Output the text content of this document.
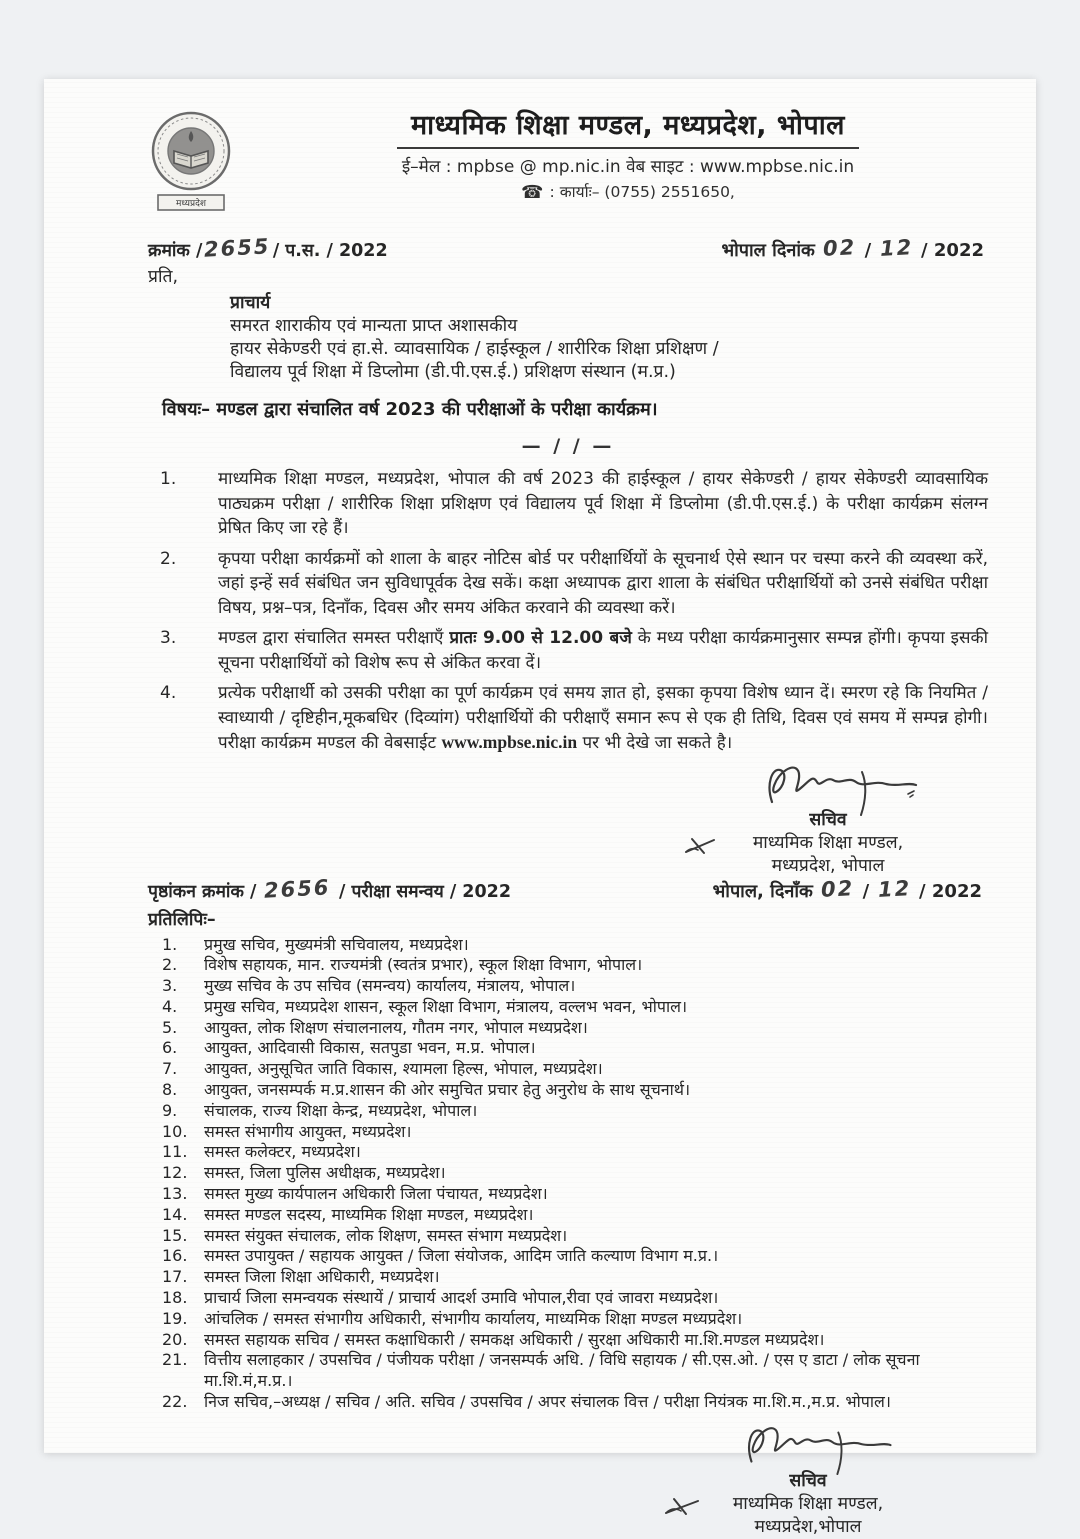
मध्यप्रदेश
माध्यमिक शिक्षा मण्डल, मध्यप्रदेश, भोपाल
ई–मेल : mpbse @ mp.nic.in वेब साइट : www.mpbse.nic.in
☎ : कार्याः– (0755) 2551650,
क्रमांक /2655/ प.स. / 2022	भोपाल दिनांक 02 / 12 / 2022
प्रति,
प्राचार्य
समरत शाराकीय एवं मान्यता प्राप्त अशासकीय
हायर सेकेण्डरी एवं हा.से. व्यावसायिक / हाईस्कूल / शारीरिक शिक्षा प्रशिक्षण /
विद्यालय पूर्व शिक्षा में डिप्लोमा (डी.पी.एस.ई.) प्रशिक्षण संस्थान (म.प्र.)
विषयः– मण्डल द्वारा संचालित वर्ष 2023 की परीक्षाओं के परीक्षा कार्यक्रम।
— / / —
1.	माध्यमिक शिक्षा मण्डल, मध्यप्रदेश, भोपाल की वर्ष 2023 की हाईस्कूल / हायर सेकेण्डरी / हायर सेकेण्डरी व्यावसायिक पाठ्यक्रम परीक्षा / शारीरिक शिक्षा प्रशिक्षण एवं विद्यालय पूर्व शिक्षा में डिप्लोमा (डी.पी.एस.ई.) के परीक्षा कार्यक्रम संलग्न प्रेषित किए जा रहे हैं।
2.	कृपया परीक्षा कार्यक्रमों को शाला के बाहर नोटिस बोर्ड पर परीक्षार्थियों के सूचनार्थ ऐसे स्थान पर चस्पा करने की व्यवस्था करें, जहां इन्हें सर्व संबंधित जन सुविधापूर्वक देख सकें। कक्षा अध्यापक द्वारा शाला के संबंधित परीक्षार्थियों को उनसे संबंधित परीक्षा विषय, प्रश्न–पत्र, दिनाँक, दिवस और समय अंकित करवाने की व्यवस्था करें।
3.	मण्डल द्वारा संचालित समस्त परीक्षाएँ प्रातः 9.00 से 12.00 बजे के मध्य परीक्षा कार्यक्रमानुसार सम्पन्न होंगी। कृपया इसकी सूचना परीक्षार्थियों को विशेष रूप से अंकित करवा दें।
4.	प्रत्येक परीक्षार्थी को उसकी परीक्षा का पूर्ण कार्यक्रम एवं समय ज्ञात हो, इसका कृपया विशेष ध्यान दें। स्मरण रहे कि नियमित / स्वाध्यायी / दृष्टिहीन,मूकबधिर (दिव्यांग) परीक्षार्थियों की परीक्षाएँ समान रूप से एक ही तिथि, दिवस एवं समय में सम्पन्न होगी। परीक्षा कार्यक्रम मण्डल की वेबसाईट www.mpbse.nic.in पर भी देखे जा सकते है।
सचिव
माध्यमिक शिक्षा मण्डल,
मध्यप्रदेश, भोपाल
पृष्ठांकन क्रमांक / 2656 / परीक्षा समन्वय / 2022	भोपाल, दिनाँक 02 / 12 / 2022
प्रतिलिपिः–
1.	प्रमुख सचिव, मुख्यमंत्री सचिवालय, मध्यप्रदेश।
2.	विशेष सहायक, मान. राज्यमंत्री (स्वतंत्र प्रभार), स्कूल शिक्षा विभाग, भोपाल।
3.	मुख्य सचिव के उप सचिव (समन्वय) कार्यालय, मंत्रालय, भोपाल।
4.	प्रमुख सचिव, मध्यप्रदेश शासन, स्कूल शिक्षा विभाग, मंत्रालय, वल्लभ भवन, भोपाल।
5.	आयुक्त, लोक शिक्षण संचालनालय, गौतम नगर, भोपाल मध्यप्रदेश।
6.	आयुक्त, आदिवासी विकास, सतपुडा भवन, म.प्र. भोपाल।
7.	आयुक्त, अनुसूचित जाति विकास, श्यामला हिल्स, भोपाल, मध्यप्रदेश।
8.	आयुक्त, जनसम्पर्क म.प्र.शासन की ओर समुचित प्रचार हेतु अनुरोध के साथ सूचनार्थ।
9.	संचालक, राज्य शिक्षा केन्द्र, मध्यप्रदेश, भोपाल।
10.	समस्त संभागीय आयुक्त, मध्यप्रदेश।
11.	समस्त कलेक्टर, मध्यप्रदेश।
12.	समस्त, जिला पुलिस अधीक्षक, मध्यप्रदेश।
13.	समस्त मुख्य कार्यपालन अधिकारी जिला पंचायत, मध्यप्रदेश।
14.	समस्त मण्डल सदस्य, माध्यमिक शिक्षा मण्डल, मध्यप्रदेश।
15.	समस्त संयुक्त संचालक, लोक शिक्षण, समस्त संभाग मध्यप्रदेश।
16.	समस्त उपायुक्त / सहायक आयुक्त / जिला संयोजक, आदिम जाति कल्याण विभाग म.प्र.।
17.	समस्त जिला शिक्षा अधिकारी, मध्यप्रदेश।
18.	प्राचार्य जिला समन्वयक संस्थायें / प्राचार्य आदर्श उमावि भोपाल,रीवा एवं जावरा मध्यप्रदेश।
19.	आंचलिक / समस्त संभागीय अधिकारी, संभागीय कार्यालय, माध्यमिक शिक्षा मण्डल मध्यप्रदेश।
20.	समस्त सहायक सचिव / समस्त कक्षाधिकारी / समकक्ष अधिकारी / सुरक्षा अधिकारी मा.शि.मण्डल मध्यप्रदेश।
21.	वित्तीय सलाहकार / उपसचिव / पंजीयक परीक्षा / जनसम्पर्क अधि. / विधि सहायक / सी.एस.ओ. / एस ए डाटा / लोक सूचना मा.शि.मं,म.प्र.।
22.	निज सचिव,–अध्यक्ष / सचिव / अति. सचिव / उपसचिव / अपर संचालक वित्त / परीक्षा नियंत्रक मा.शि.म.,म.प्र. भोपाल।
सचिव
माध्यमिक शिक्षा मण्डल,
मध्यप्रदेश,भोपाल
